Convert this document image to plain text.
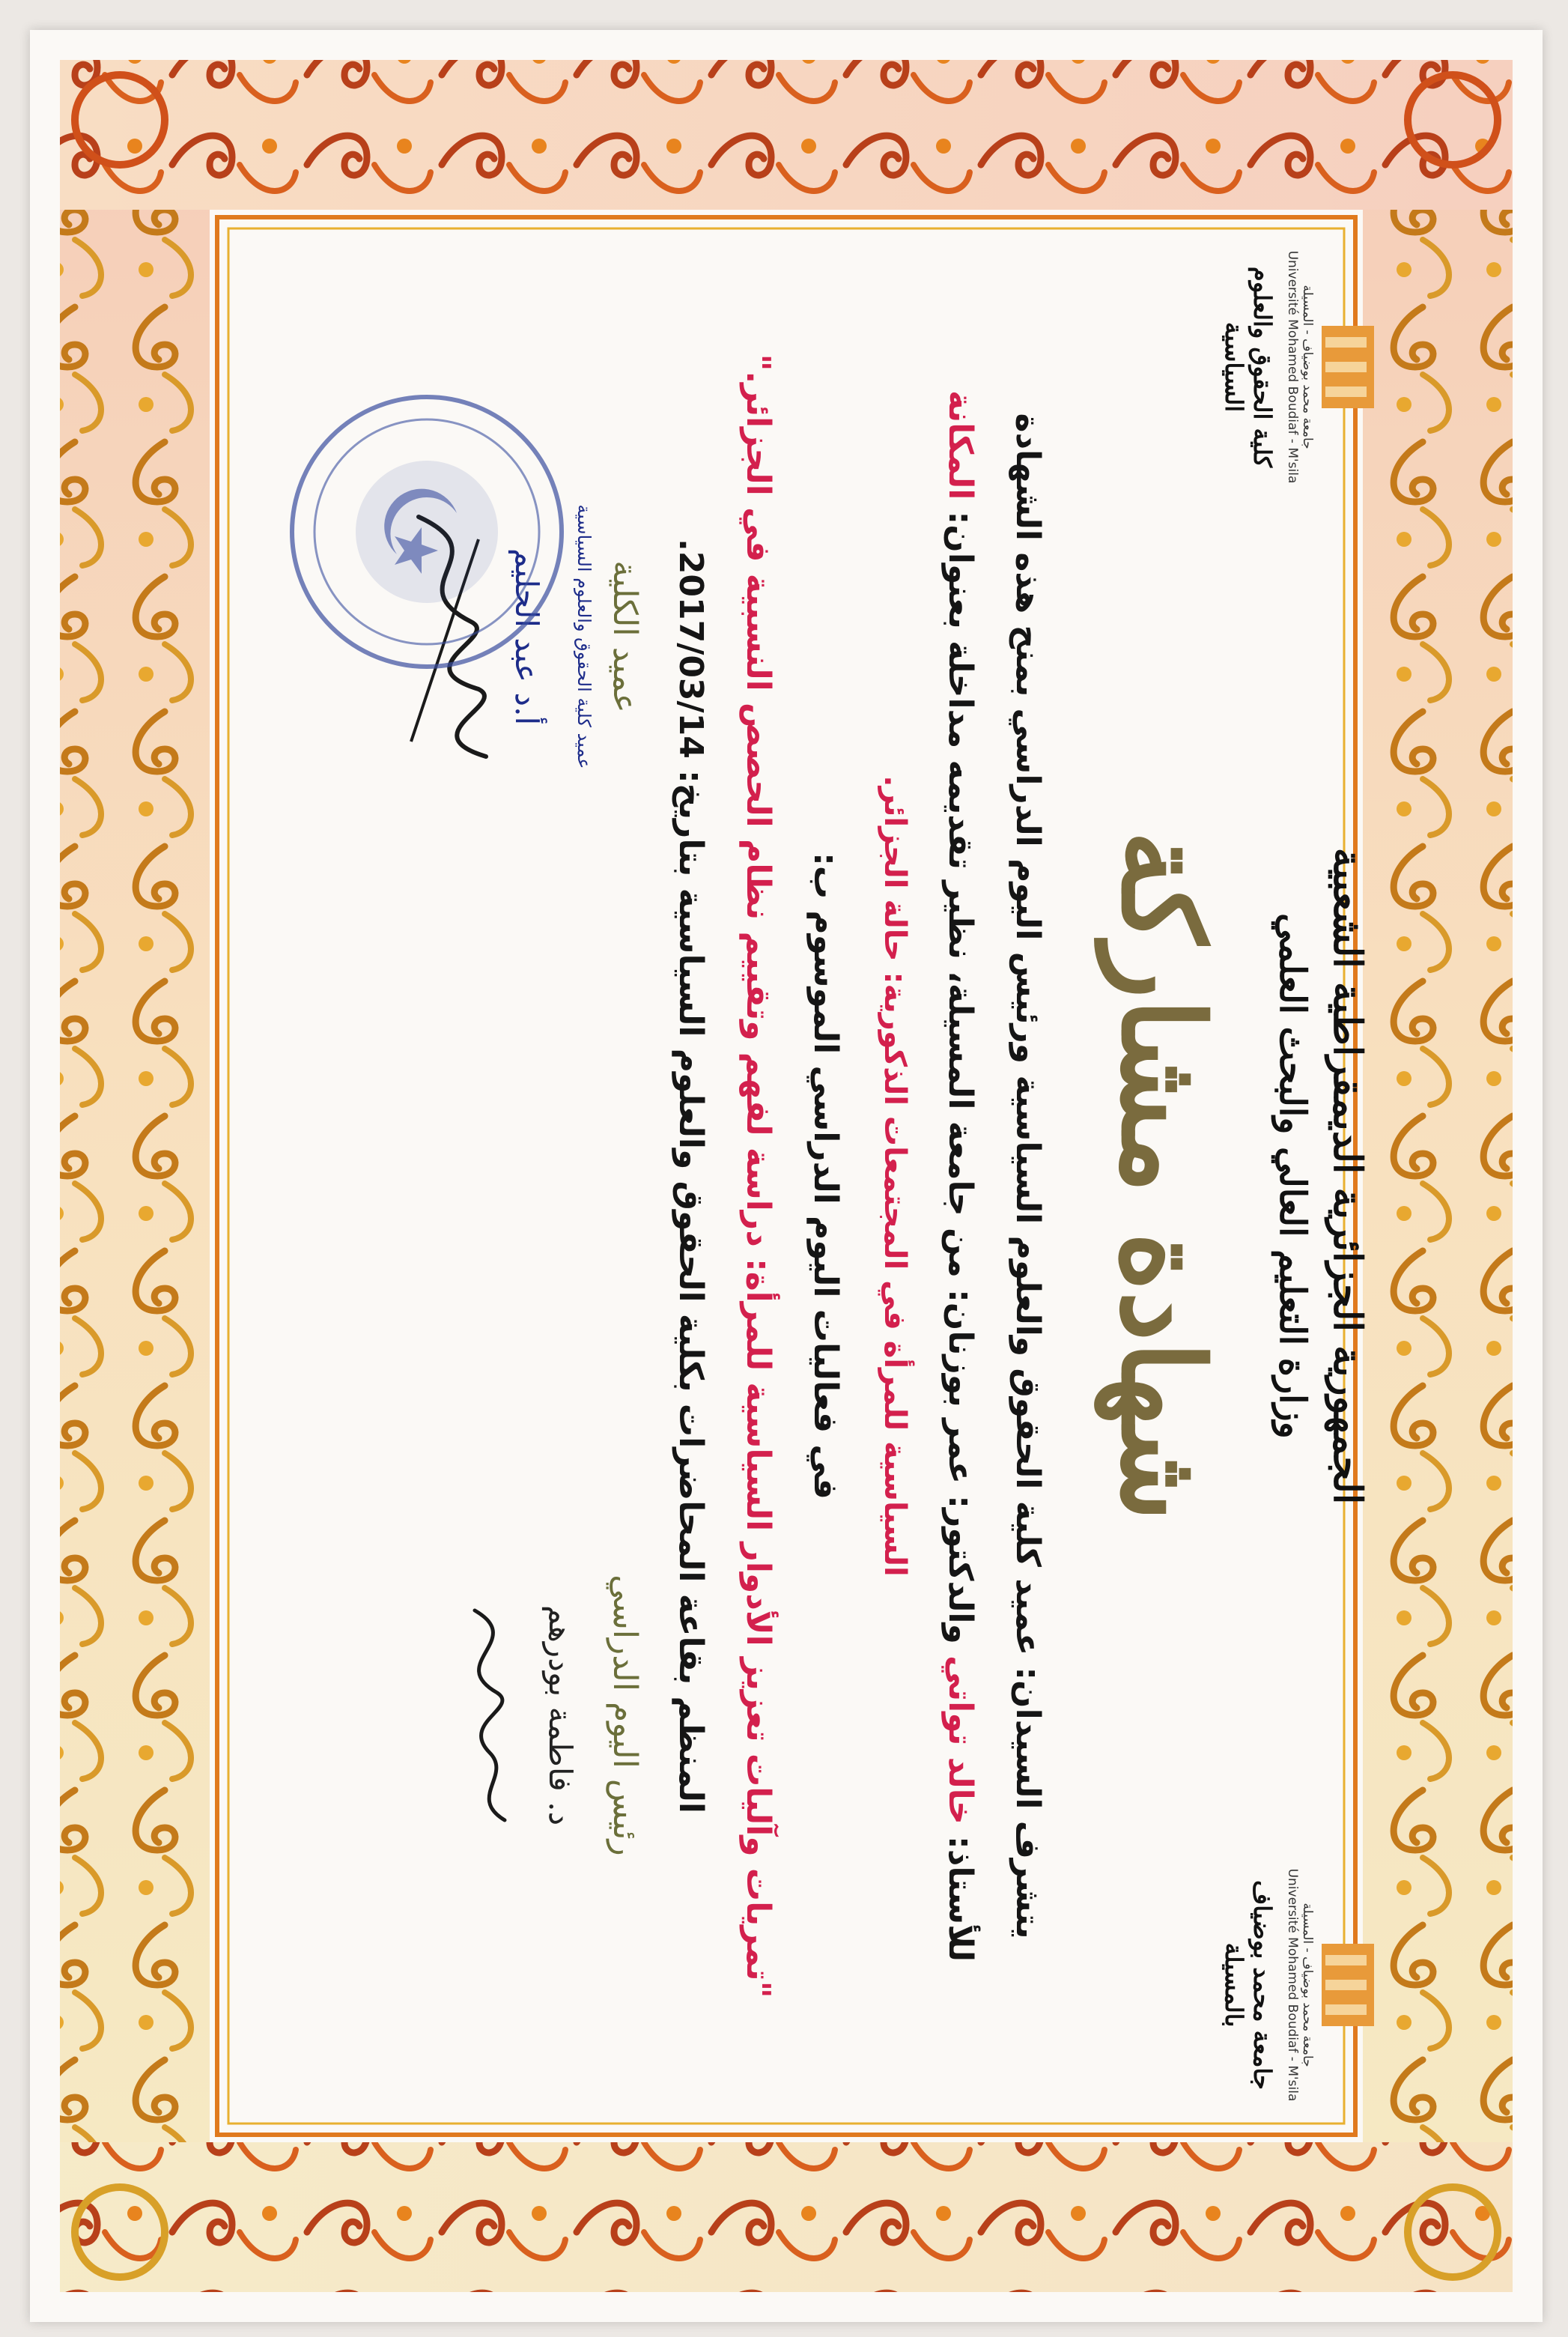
الجمهورية الجزائرية الديمقراطية الشعبية
وزارة التعليم العالي والبحث العلمي
جامعة محمد بوضياف - المسيلة
Université Mohamed Boudiaf - M'sila
جامعة محمد بوضياف بالمسيلة
جامعة محمد بوضياف - المسيلة
Université Mohamed Boudiaf - M'sila
كلية الحقوق والعلوم السياسية
شهادة مشاركة
يتشرف السيدان: عميد كلية الحقوق والعلوم السياسية ورئيس اليوم الدراسي بمنح هذه الشهادة
للأستاذ: خالد تواتي والدكتور: عمر بوزنان: من جامعة المسيلة، نظير تقديمه مداخلة بعنوان: المكانة
السياسية للمرأة في المجتمعات الذكورية: حالة الجزائر.
في فعاليات اليوم الدراسي الموسوم ب:
"تمريات وآليات تعزيز الأدوار السياسية للمرأة: دراسة لفهم وتقييم نظام الحصص النسبية في الجزائر."
المنظم بقاعة المحاضرات بكلية الحقوق والعلوم السياسية بتاريخ: 2017/03/14.
رئيس اليوم الدراسي
د. فاطمة بودرهم
عميد الكلية
عميد كلية الحقوق والعلوم السياسية
أ.د عبد الحليم
